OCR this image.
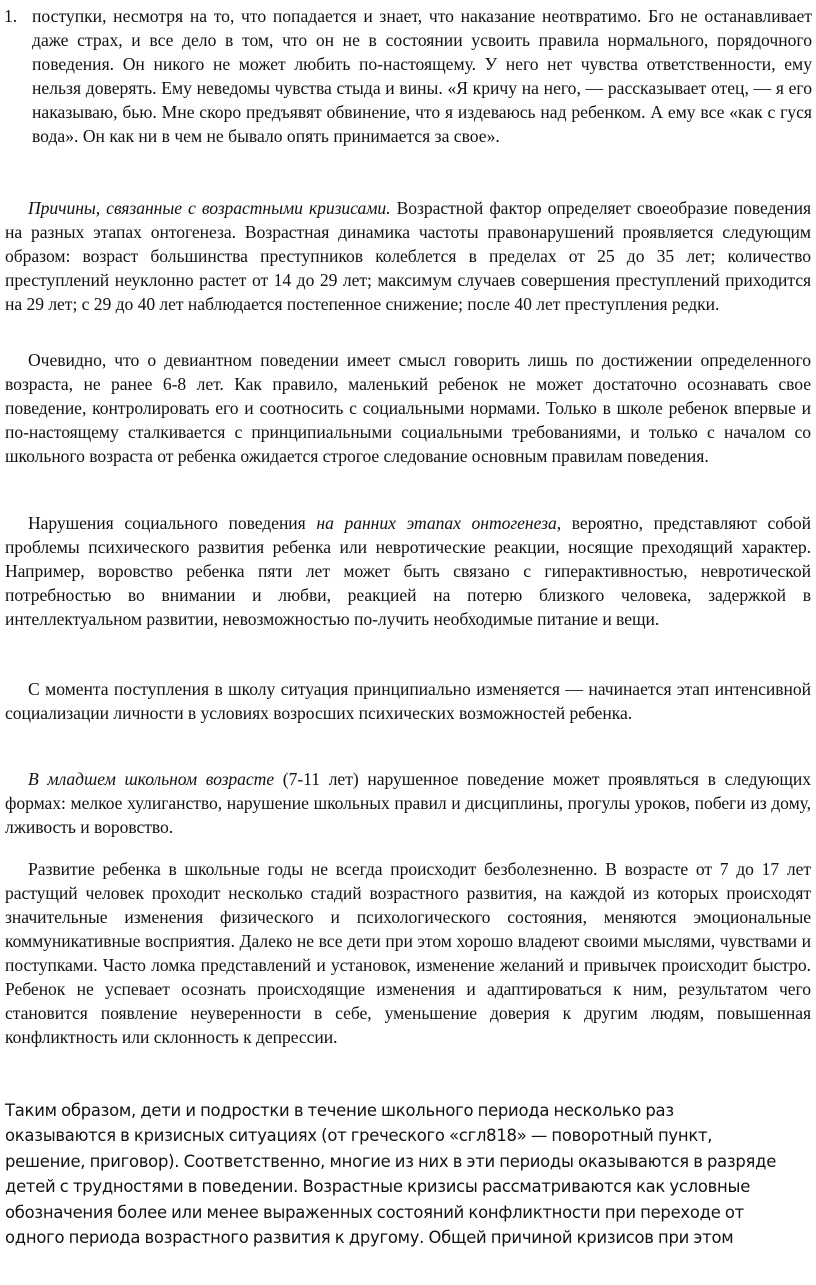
1. поступки, несмотря на то, что попадается и знает, что наказание неотвратимо. Бго не останавливает даже страх, и все дело в том, что он не в состоянии усвоить правила нормального, порядочного поведения. Он никого не может любить по-настоящему. У него нет чувства ответственности, ему нельзя доверять. Ему неведомы чувства стыда и вины. «Я кричу на него, — рассказывает отец, — я его наказываю, бью. Мне скоро предъявят обвинение, что я издеваюсь над ребенком. А ему все «как с гуся вода». Он как ни в чем не бывало опять принимается за свое».

Причины, связанные с возрастными кризисами. Возрастной фактор определяет своеобразие поведения на разных этапах онтогенеза. Возрастная динамика частоты правонарушений проявляется следующим образом: возраст большинства преступников колеблется в пределах от 25 до 35 лет; количество преступлений неуклонно растет от 14 до 29 лет; максимум случаев совершения преступлений приходится на 29 лет; с 29 до 40 лет наблюдается постепенное снижение; после 40 лет преступления редки.

Очевидно, что о девиантном поведении имеет смысл говорить лишь по достижении определенного возраста, не ранее 6-8 лет. Как правило, маленький ребенок не может достаточно осознавать свое поведение, контролировать его и соотносить с социальными нормами. Только в школе ребенок впервые и по-настоящему сталкивается с принципиальными социальными требованиями, и только с началом со школьного возраста от ребенка ожидается строгое следование основным правилам поведения.

Нарушения социального поведения на ранних этапах онтогенеза, вероятно, представляют собой проблемы психического развития ребенка или невротические реакции, носящие преходящий характер. Например, воровство ребенка пяти лет может быть связано с гиперактивностью, невротической потребностью во внимании и любви, реакцией на потерю близкого человека, задержкой в интеллектуальном развитии, невозможностью по-лучить необходимые питание и вещи.

С момента поступления в школу ситуация принципиально изменяется — начинается этап интенсивной социализации личности в условиях возросших психических возможностей ребенка.

В младшем школьном возрасте (7-11 лет) нарушенное поведение может проявляться в следующих формах: мелкое хулиганство, нарушение школьных правил и дисциплины, прогулы уроков, побеги из дому, лживость и воровство.

Развитие ребенка в школьные годы не всегда происходит безболезненно. В возрасте от 7 до 17 лет растущий человек проходит несколько стадий возрастного развития, на каждой из которых происходят значительные изменения физического и психологического состояния, меняются эмоциональные коммуникативные восприятия. Далеко не все дети при этом хорошо владеют своими мыслями, чувствами и поступками. Часто ломка представлений и установок, изменение желаний и привычек происходит быстро. Ребенок не успевает осознать происходящие изменения и адаптироваться к ним, результатом чего становится появление неуверенности в себе, уменьшение доверия к другим людям, повышенная конфликтность или склонность к депрессии.

Таким образом, дети и подростки в течение школьного периода несколько раз
оказываются в кризисных ситуациях (от греческого «сгл818» — поворотный пункт,
решение, приговор). Соответственно, многие из них в эти периоды оказываются в разряде
детей с трудностями в поведении. Возрастные кризисы рассматриваются как условные
обозначения более или менее выраженных состояний конфликтности при переходе от
одного периода возрастного развития к другому. Общей причиной кризисов при этом
